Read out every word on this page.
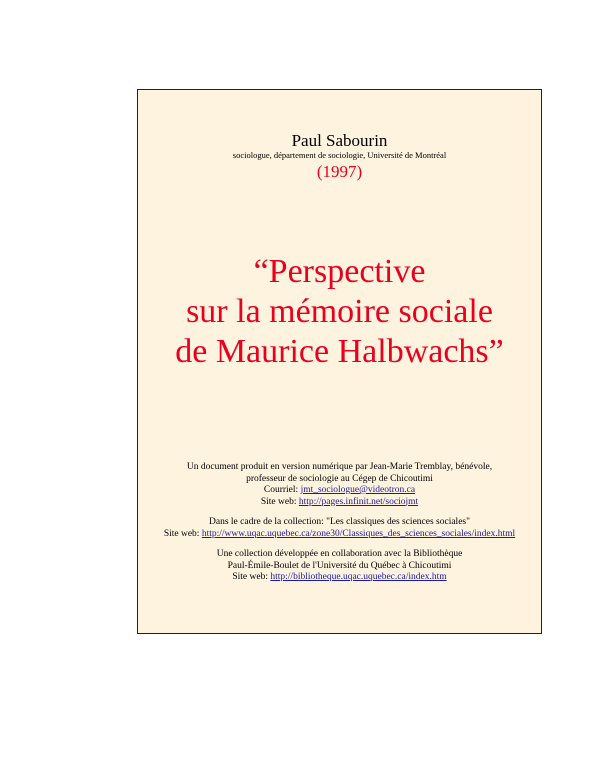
Paul Sabourin
sociologue, département de sociologie, Université de Montréal
(1997)
“Perspective
sur la mémoire sociale
de Maurice Halbwachs”
Un document produit en version numérique par Jean-Marie Tremblay, bénévole,
professeur de sociologie au Cégep de Chicoutimi
Courriel: jmt_sociologue@videotron.ca
Site web: http://pages.infinit.net/sociojmt
Dans le cadre de la collection: "Les classiques des sciences sociales"
Site web: http://www.uqac.uquebec.ca/zone30/Classiques_des_sciences_sociales/index.html
Une collection développée en collaboration avec la Bibliothèque
Paul-Émile-Boulet de l'Université du Québec à Chicoutimi
Site web: http://bibliotheque.uqac.uquebec.ca/index.htm
